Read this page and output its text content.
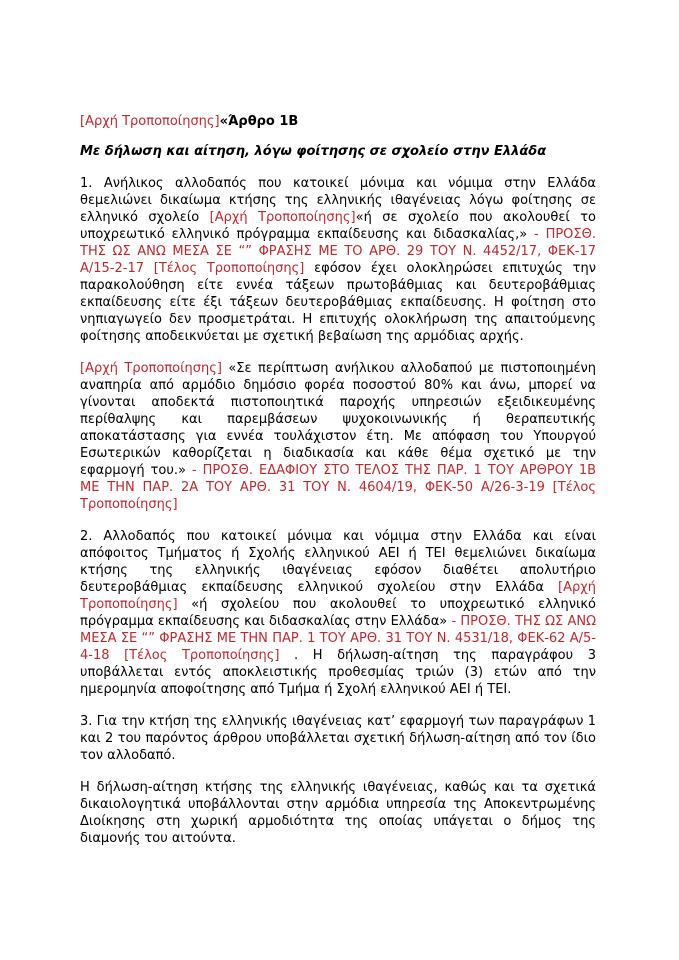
[Αρχή Τροποποίησης]«Άρθρο 1Β
Με δήλωση και αίτηση, λόγω φοίτησης σε σχολείο στην Ελλάδα

1. Ανήλικος αλλοδαπός που κατοικεί μόνιμα και νόμιμα στην Ελλάδα θεμελιώνει δικαίωμα κτήσης της ελληνικής ιθαγένειας λόγω φοίτησης σε ελληνικό σχολείο [Αρχή Τροποποίησης]«ή σε σχολείο που ακολουθεί το υποχρεωτικό ελληνικό πρόγραμμα εκπαίδευσης και διδασκαλίας,» - ΠΡΟΣΘ. ΤΗΣ ΩΣ ΑΝΩ ΜΕΣΑ ΣΕ “” ΦΡΑΣΗΣ ΜΕ ΤΟ ΑΡΘ. 29 ΤΟΥ Ν. 4452/17, ΦΕΚ-17 Α/15-2-17 [Τέλος Τροποποίησης] εφόσον έχει ολοκληρώσει επιτυχώς την παρακολούθηση είτε εννέα τάξεων πρωτοβάθμιας και δευτεροβάθμιας εκπαίδευσης είτε έξι τάξεων δευτεροβάθμιας εκπαίδευσης. Η φοίτηση στο νηπιαγωγείο δεν προσμετράται. Η επιτυχής ολοκλήρωση της απαιτούμενης φοίτησης αποδεικνύεται με σχετική βεβαίωση της αρμόδιας αρχής.

[Αρχή Τροποποίησης] «Σε περίπτωση ανήλικου αλλοδαπού με πιστοποιημένη αναπηρία από αρμόδιο δημόσιο φορέα ποσοστού 80% και άνω, μπορεί να γίνονται αποδεκτά πιστοποιητικά παροχής υπηρεσιών εξειδικευμένης περίθαλψης και παρεμβάσεων ψυχοκοινωνικής ή θεραπευτικής αποκατάστασης για εννέα τουλάχιστον έτη. Με απόφαση του Υπουργού Εσωτερικών καθορίζεται η διαδικασία και κάθε θέμα σχετικό με την εφαρμογή του.» - ΠΡΟΣΘ. ΕΔΑΦΙΟΥ ΣΤΟ ΤΕΛΟΣ ΤΗΣ ΠΑΡ. 1 ΤΟΥ ΑΡΘΡΟΥ 1Β ΜΕ ΤΗΝ ΠΑΡ. 2Α ΤΟΥ ΑΡΘ. 31 ΤΟΥ Ν. 4604/19, ΦΕΚ-50 Α/26-3-19 [Τέλος Τροποποίησης]

2. Αλλοδαπός που κατοικεί μόνιμα και νόμιμα στην Ελλάδα και είναι απόφοιτος Τμήματος ή Σχολής ελληνικού ΑΕΙ ή ΤΕΙ θεμελιώνει δικαίωμα κτήσης της ελληνικής ιθαγένειας εφόσον διαθέτει απολυτήριο δευτεροβάθμιας εκπαίδευσης ελληνικού σχολείου στην Ελλάδα [Αρχή Τροποποίησης] «ή σχολείου που ακολουθεί το υποχρεωτικό ελληνικό πρόγραμμα εκπαίδευσης και διδασκαλίας στην Ελλάδα» - ΠΡΟΣΘ. ΤΗΣ ΩΣ ΑΝΩ ΜΕΣΑ ΣΕ “” ΦΡΑΣΗΣ ΜΕ ΤΗΝ ΠΑΡ. 1 ΤΟΥ ΑΡΘ. 31 ΤΟΥ Ν. 4531/18, ΦΕΚ-62 Α/5-4-18 [Τέλος Τροποποίησης] . Η δήλωση-αίτηση της παραγράφου 3 υποβάλλεται εντός αποκλειστικής προθεσμίας τριών (3) ετών από την ημερομηνία αποφοίτησης από Τμήμα ή Σχολή ελληνικού ΑΕΙ ή ΤΕΙ.

3. Για την κτήση της ελληνικής ιθαγένειας κατ’ εφαρμογή των παραγράφων 1 και 2 του παρόντος άρθρου υποβάλλεται σχετική δήλωση-αίτηση από τον ίδιο τον αλλοδαπό.

Η δήλωση-αίτηση κτήσης της ελληνικής ιθαγένειας, καθώς και τα σχετικά δικαιολογητικά υποβάλλονται στην αρμόδια υπηρεσία της Αποκεντρωμένης Διοίκησης στη χωρική αρμοδιότητα της οποίας υπάγεται ο δήμος της διαμονής του αιτούντα.
